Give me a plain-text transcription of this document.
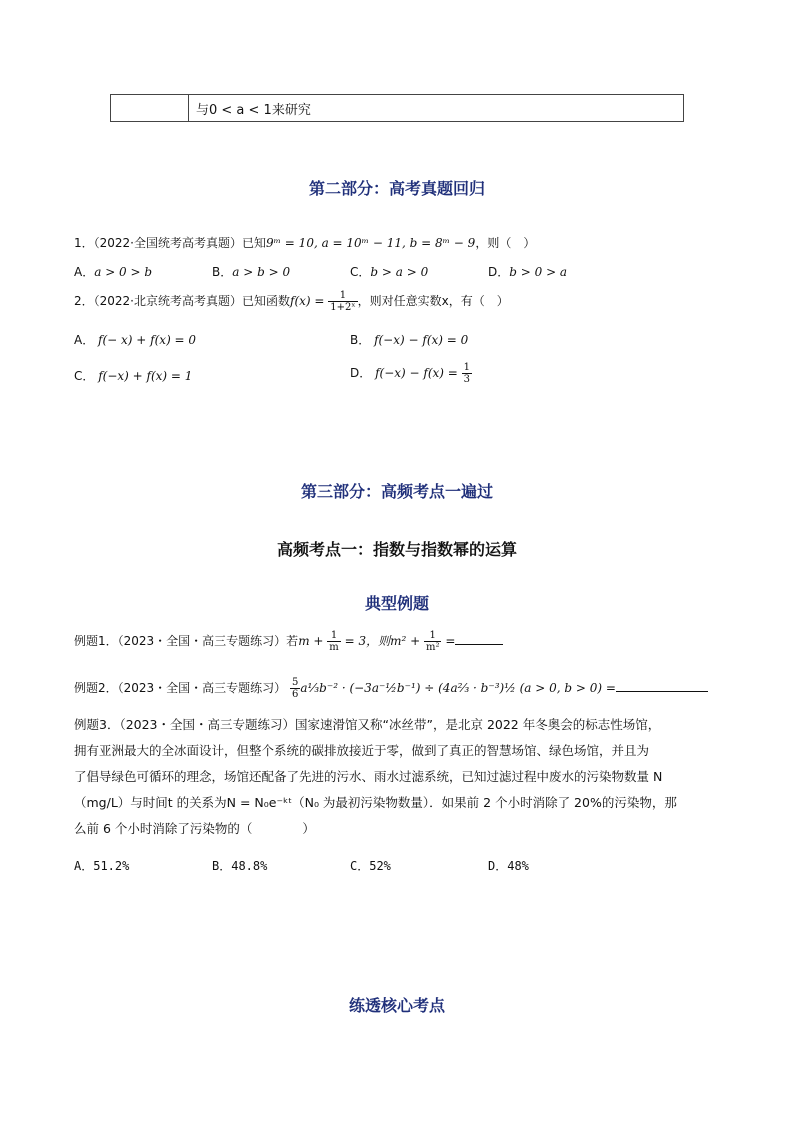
与0 < a < 1来研究
第二部分：高考真题回归
1．（2022·全国统考高考真题）已知9ᵐ = 10, a = 10ᵐ − 11, b = 8ᵐ − 9，则（　）
A．a > 0 > b	B．a > b > 0	C．b > a > 0	D．b > 0 > a
2．（2022·北京统考高考真题）已知函数$f(x) = \frac{1}{\text{1+2ˣ}}$ ，则对任意实数x，有（　）
A． f(− x) + f(x) = 0	B． f(−x) − f(x) = 0
C． f(−x) + f(x) = 1	D． $f(-x) - f(x) = \frac{1}{3}$
第三部分：高频考点一遍过
高频考点一：指数与指数幂的运算
典型例题
例题1．（2023・全国・高三专题练习）若$m + \frac{1}{m} = 3$，则$m^2 + \frac{1}{\text{m²}}$ =
例题2．（2023・全国・高三专题练习） $\frac{5}{6}$ a⅓b⁻² · (−3a⁻½b⁻¹) ÷ (4a⅔ · b⁻³)½ (a > 0, b > 0) =
例题3．（2023・全国・高三专题练习）国家速滑馆又称“冰丝带”，是北京 2022 年冬奥会的标志性场馆，
拥有亚洲最大的全冰面设计，但整个系统的碳排放接近于零，做到了真正的智慧场馆、绿色场馆，并且为
了倡导绿色可循环的理念，场馆还配备了先进的污水、雨水过滤系统，已知过滤过程中废水的污染物数量 N
（mg/L）与时间t 的关系为N = N₀e⁻ᵏᵗ（N₀ 为最初污染物数量）．如果前 2 个小时消除了 20%的污染物，那
么前 6 个小时消除了污染物的（　　　　）
A．51.2%	B．48.8%	C．52%	D．48%
练透核心考点
